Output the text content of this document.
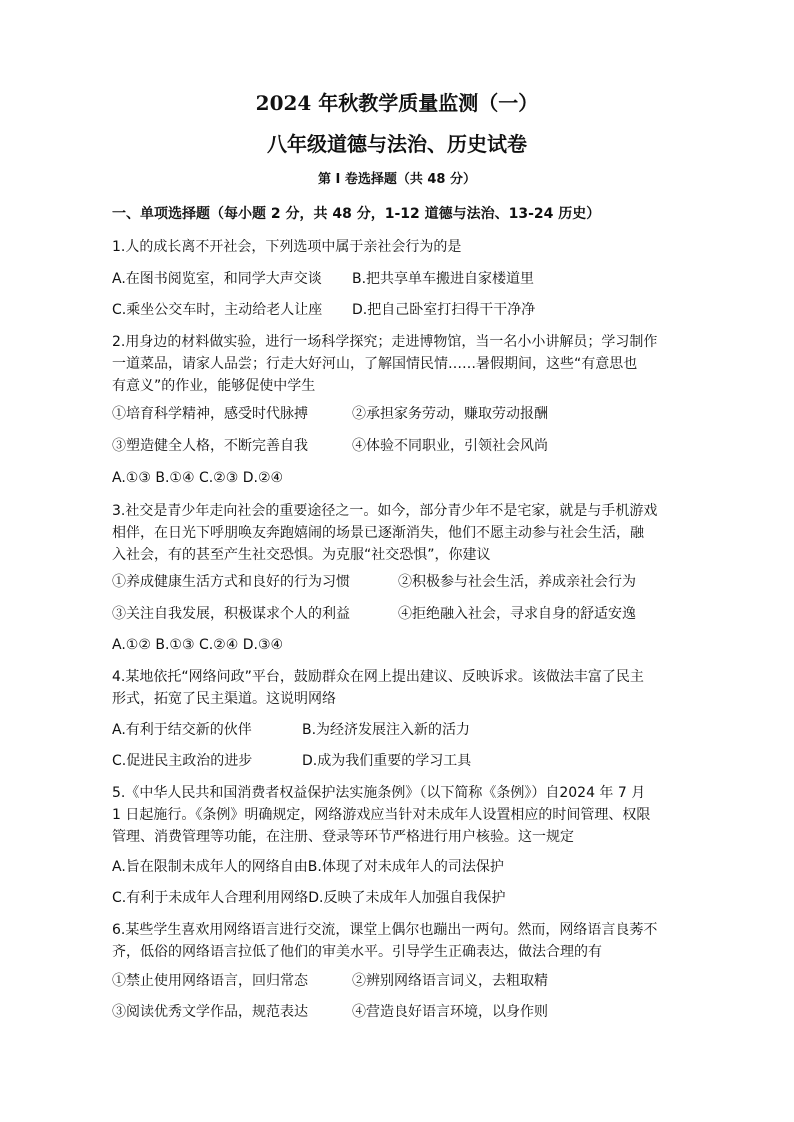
2024 年秋教学质量监测（一）
八年级道德与法治、历史试卷
第 I 卷选择题（共 48 分）
一、单项选择题（每小题 2 分，共 48 分，1-12 道德与法治、13-24 历史）
1.人的成长离不开社会，下列选项中属于亲社会行为的是
A.在图书阅览室，和同学大声交谈 B.把共享单车搬进自家楼道里
C.乘坐公交车时，主动给老人让座 D.把自己卧室打扫得干干净净
2.用身边的材料做实验，进行一场科学探究；走进博物馆，当一名小小讲解员；学习制作
一道菜品，请家人品尝；行走大好河山，了解国情民情……暑假期间，这些“有意思也
有意义”的作业，能够促使中学生
①培育科学精神，感受时代脉搏	②承担家务劳动，赚取劳动报酬
③塑造健全人格，不断完善自我	④体验不同职业，引领社会风尚
A.①③ B.①④ C.②③ D.②④
3.社交是青少年走向社会的重要途径之一。如今，部分青少年不是宅家，就是与手机游戏
相伴，在日光下呼朋唤友奔跑嬉闹的场景已逐渐消失，他们不愿主动参与社会生活，融
入社会，有的甚至产生社交恐惧。为克服“社交恐惧”，你建议
①养成健康生活方式和良好的行为习惯	②积极参与社会生活，养成亲社会行为
③关注自我发展，积极谋求个人的利益	④拒绝融入社会，寻求自身的舒适安逸
A.①② B.①③ C.②④ D.③④
4.某地依托“网络问政”平台，鼓励群众在网上提出建议、反映诉求。该做法丰富了民主
形式，拓宽了民主渠道。这说明网络
A.有利于结交新的伙伴	B.为经济发展注入新的活力
C.促进民主政治的进步	D.成为我们重要的学习工具
5.《中华人民共和国消费者权益保护法实施条例》（以下简称《条例》）自2024 年 7 月
1 日起施行。《条例》明确规定，网络游戏应当针对未成年人设置相应的时间管理、权限
管理、消费管理等功能，在注册、登录等环节严格进行用户核验。这一规定
A.旨在限制未成年人的网络自由B.体现了对未成年人的司法保护
C.有利于未成年人合理利用网络D.反映了未成年人加强自我保护
6.某些学生喜欢用网络语言进行交流，课堂上偶尔也蹦出一两句。然而，网络语言良莠不
齐，低俗的网络语言拉低了他们的审美水平。引导学生正确表达，做法合理的有
①禁止使用网络语言，回归常态	②辨别网络语言词义，去粗取精
③阅读优秀文学作品，规范表达	④营造良好语言环境，以身作则
